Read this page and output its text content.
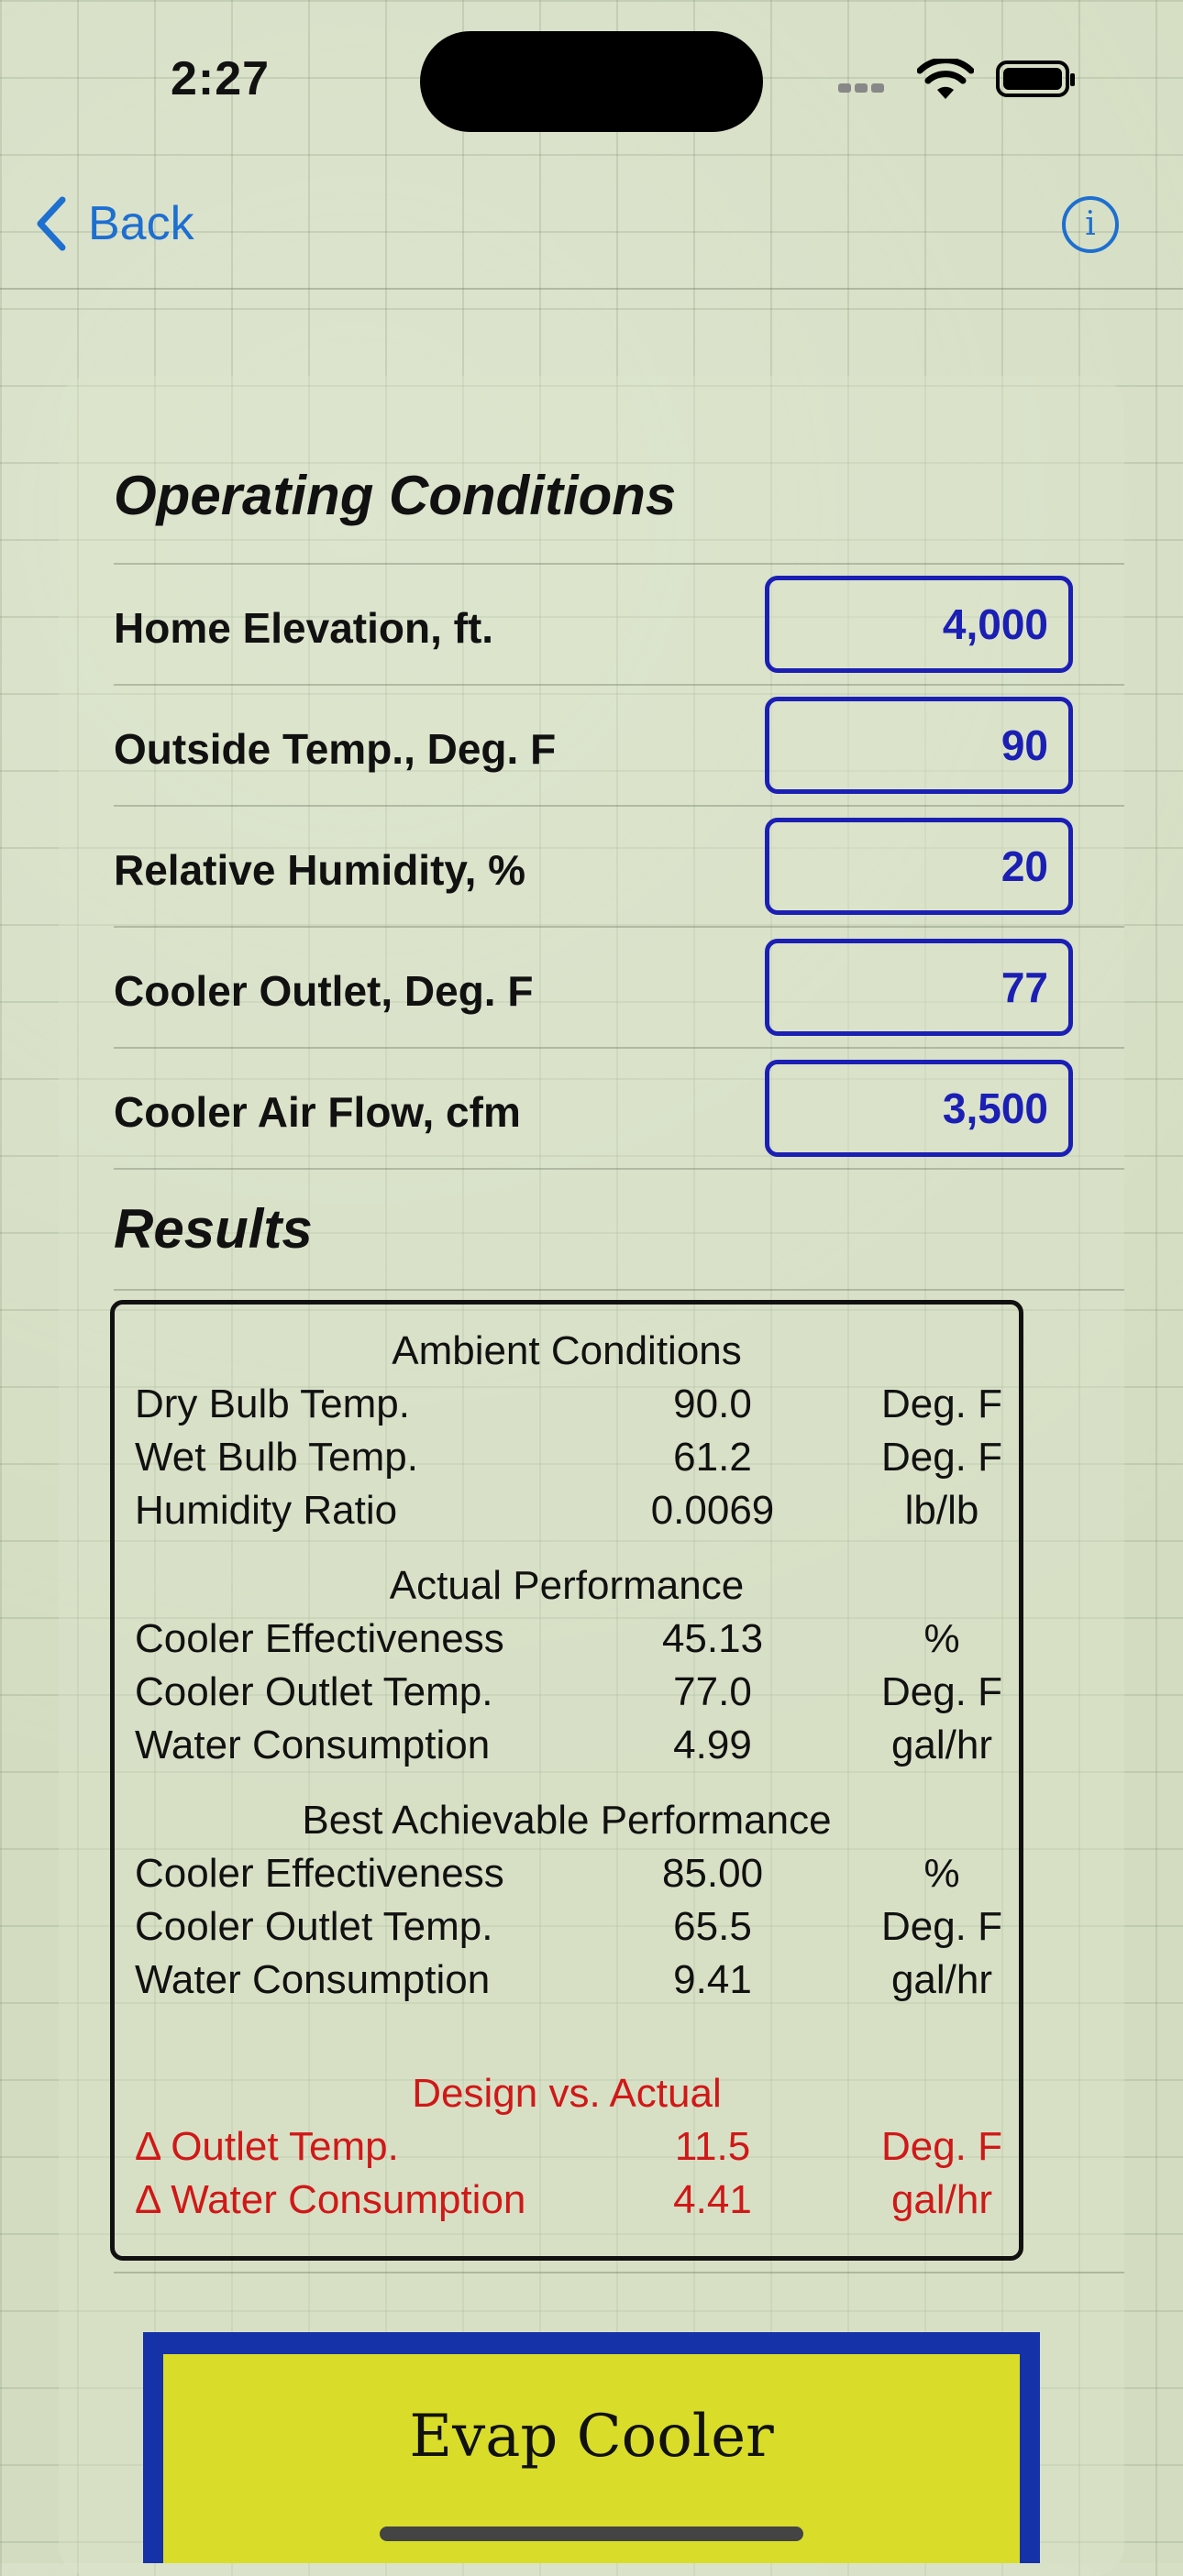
2:27
Back	i
Operating Conditions
Home Elevation, ft.	4,000
Outside Temp., Deg. F	90
Relative Humidity, %	20
Cooler Outlet, Deg. F	77
Cooler Air Flow, cfm	3,500
Results
Ambient Conditions
Dry Bulb Temp.	90.0	Deg. F
Wet Bulb Temp.	61.2	Deg. F
Humidity Ratio	0.0069	lb/lb
Actual Performance
Cooler Effectiveness	45.13	%
Cooler Outlet Temp.	77.0	Deg. F
Water Consumption	4.99	gal/hr
Best Achievable Performance
Cooler Effectiveness	85.00	%
Cooler Outlet Temp.	65.5	Deg. F
Water Consumption	9.41	gal/hr
Design vs. Actual
Δ Outlet Temp.	11.5	Deg. F
Δ Water Consumption	4.41	gal/hr
Evap Cooler
